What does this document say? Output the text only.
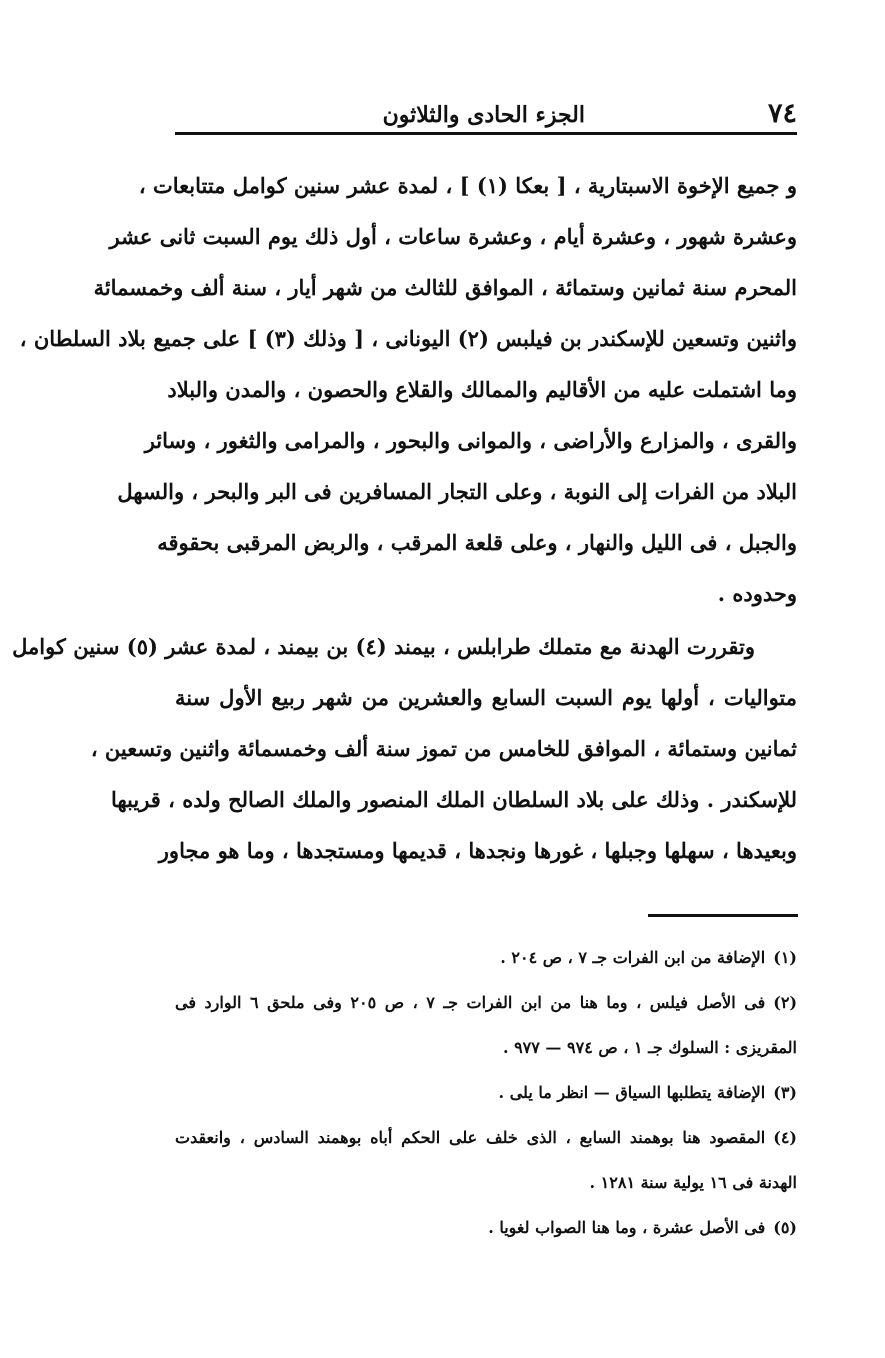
٧٤
الجزء الحادى والثلاثون
و جميع الإخوة الاسبتارية ، [ بعكا (١) ] ، لمدة عشر سنين كوامل متتابعات ،
وعشرة شهور ، وعشرة أيام ، وعشرة ساعات ، أول ذلك يوم السبت ثانى عشر
المحرم سنة ثمانين وستمائة ، الموافق للثالث من شهر أيار ، سنة ألف وخمسمائة
واثنين وتسعين للإسكندر بن فيلبس (٢) اليونانى ، [ وذلك (٣) ] على جميع بلاد السلطان ،
وما اشتملت عليه من الأقاليم والممالك والقلاع والحصون ، والمدن والبلاد
والقرى ، والمزارع والأراضى ، والموانى والبحور ، والمرامى والثغور ، وسائر
البلاد من الفرات إلى النوبة ، وعلى التجار المسافرين فى البر والبحر ، والسهل
والجبل ، فى الليل والنهار ، وعلى قلعة المرقب ، والربض المرقبى بحقوقه
وحدوده .
وتقررت الهدنة مع متملك طرابلس ، بيمند (٤) بن بيمند ، لمدة عشر (٥) سنين كوامل
متواليات ، أولها يوم السبت السابع والعشرين من شهر ربيع الأول سنة
ثمانين وستمائة ، الموافق للخامس من تموز سنة ألف وخمسمائة واثنين وتسعين ،
للإسكندر . وذلك على بلاد السلطان الملك المنصور والملك الصالح ولده ، قريبها
وبعيدها ، سهلها وجبلها ، غورها ونجدها ، قديمها ومستجدها ، وما هو مجاور
(١)الإضافة من ابن الفرات جـ ٧ ، ص ٢٠٤ .
(٢)فى الأصل فيلس ، وما هنا من ابن الفرات جـ ٧ ، ص ٢٠٥ وفى ملحق ٦ الوارد فى
المقريزى : السلوك جـ ١ ، ص ٩٧٤ — ٩٧٧ .
(٣)الإضافة يتطلبها السياق — انظر ما يلى .
(٤)المقصود هنا بوهمند السابع ، الذى خلف على الحكم أباه بوهمند السادس ، وانعقدت
الهدنة فى ١٦ يولية سنة ١٢٨١ .
(٥)فى الأصل عشرة ، وما هنا الصواب لغويا .
